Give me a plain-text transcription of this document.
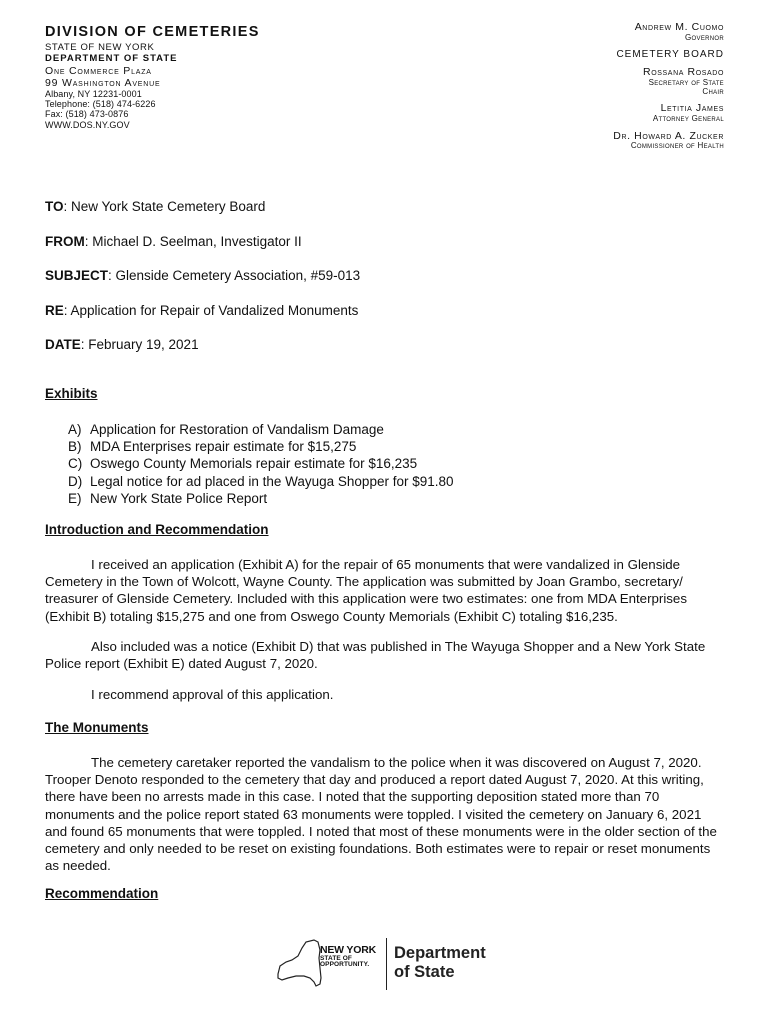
DIVISION OF CEMETERIES
STATE OF NEW YORK
DEPARTMENT OF STATE
One Commerce Plaza
99 Washington Avenue
Albany, NY 12231-0001
Telephone: (518) 474-6226
Fax: (518) 473-0876
WWW.DOS.NY.GOV
Andrew M. Cuomo
Governor
CEMETERY BOARD
Rossana Rosado
Secretary of State
Chair
Letitia James
Attorney General
Dr. Howard A. Zucker
Commissioner of Health
TO: New York State Cemetery Board
FROM: Michael D. Seelman, Investigator II
SUBJECT: Glenside Cemetery Association, #59-013
RE: Application for Repair of Vandalized Monuments
DATE: February 19, 2021
Exhibits
A) Application for Restoration of Vandalism Damage
B) MDA Enterprises repair estimate for $15,275
C) Oswego County Memorials repair estimate for $16,235
D) Legal notice for ad placed in the Wayuga Shopper for $91.80
E) New York State Police Report
Introduction and Recommendation

I received an application (Exhibit A) for the repair of 65 monuments that were vandalized in Glenside Cemetery in the Town of Wolcott, Wayne County. The application was submitted by Joan Grambo, secretary/ treasurer of Glenside Cemetery. Included with this application were two estimates: one from MDA Enterprises (Exhibit B) totaling $15,275 and one from Oswego County Memorials (Exhibit C) totaling $16,235.

Also included was a notice (Exhibit D) that was published in The Wayuga Shopper and a New York State Police report (Exhibit E) dated August 7, 2020.

I recommend approval of this application.

The Monuments

The cemetery caretaker reported the vandalism to the police when it was discovered on August 7, 2020. Trooper Denoto responded to the cemetery that day and produced a report dated August 7, 2020. At this writing, there have been no arrests made in this case. I noted that the supporting deposition stated more than 70 monuments and the police report stated 63 monuments were toppled. I visited the cemetery on January 6, 2021 and found 65 monuments that were toppled. I noted that most of these monuments were in the older section of the cemetery and only needed to be reset on existing foundations. Both estimates were to repair or reset monuments as needed.

Recommendation
NEW YORK
STATE OF
OPPORTUNITY.
Department
of State
